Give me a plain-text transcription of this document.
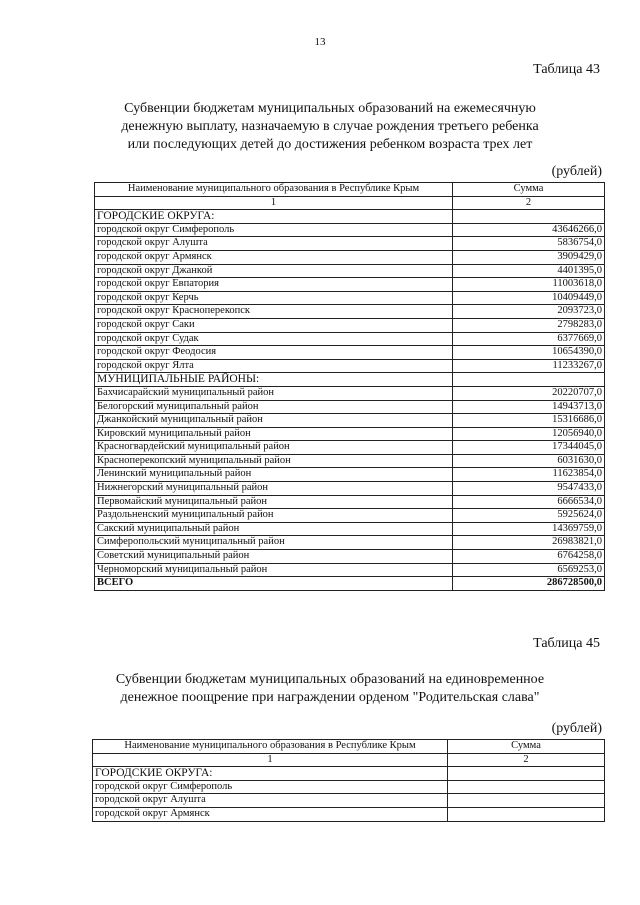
13
Таблица 43
Субвенции бюджетам муниципальных образований на ежемесячную
денежную выплату, назначаемую в случае рождения третьего ребенка
или последующих детей до достижения ребенком возраста трех лет
(рублей)
Наименование муниципального образования в Республике Крым	Сумма
1	2
ГОРОДСКИЕ ОКРУГА:	
городской округ Симферополь	43646266,0
городской округ Алушта	5836754,0
городской округ Армянск	3909429,0
городской округ Джанкой	4401395,0
городской округ Евпатория	11003618,0
городской округ Керчь	10409449,0
городской округ Красноперекопск	2093723,0
городской округ Саки	2798283,0
городской округ Судак	6377669,0
городской округ Феодосия	10654390,0
городской округ Ялта	11233267,0
МУНИЦИПАЛЬНЫЕ РАЙОНЫ:	
Бахчисарайский муниципальный район	20220707,0
Белогорский муниципальный район	14943713,0
Джанкойский муниципальный район	15316686,0
Кировский муниципальный район	12056940,0
Красногвардейский муниципальный район	17344045,0
Красноперекопский муниципальный район	6031630,0
Ленинский муниципальный район	11623854,0
Нижнегорский муниципальный район	9547433,0
Первомайский муниципальный район	6666534,0
Раздольненский муниципальный район	5925624,0
Сакский муниципальный район	14369759,0
Симферопольский муниципальный район	26983821,0
Советский муниципальный район	6764258,0
Черноморский муниципальный район	6569253,0
ВСЕГО	286728500,0
Таблица 45
Субвенции бюджетам муниципальных образований на единовременное
денежное поощрение при награждении орденом "Родительская слава"
(рублей)
Наименование муниципального образования в Республике Крым	Сумма
1	2
ГОРОДСКИЕ ОКРУГА:	
городской округ Симферополь	
городской округ Алушта	
городской округ Армянск	
